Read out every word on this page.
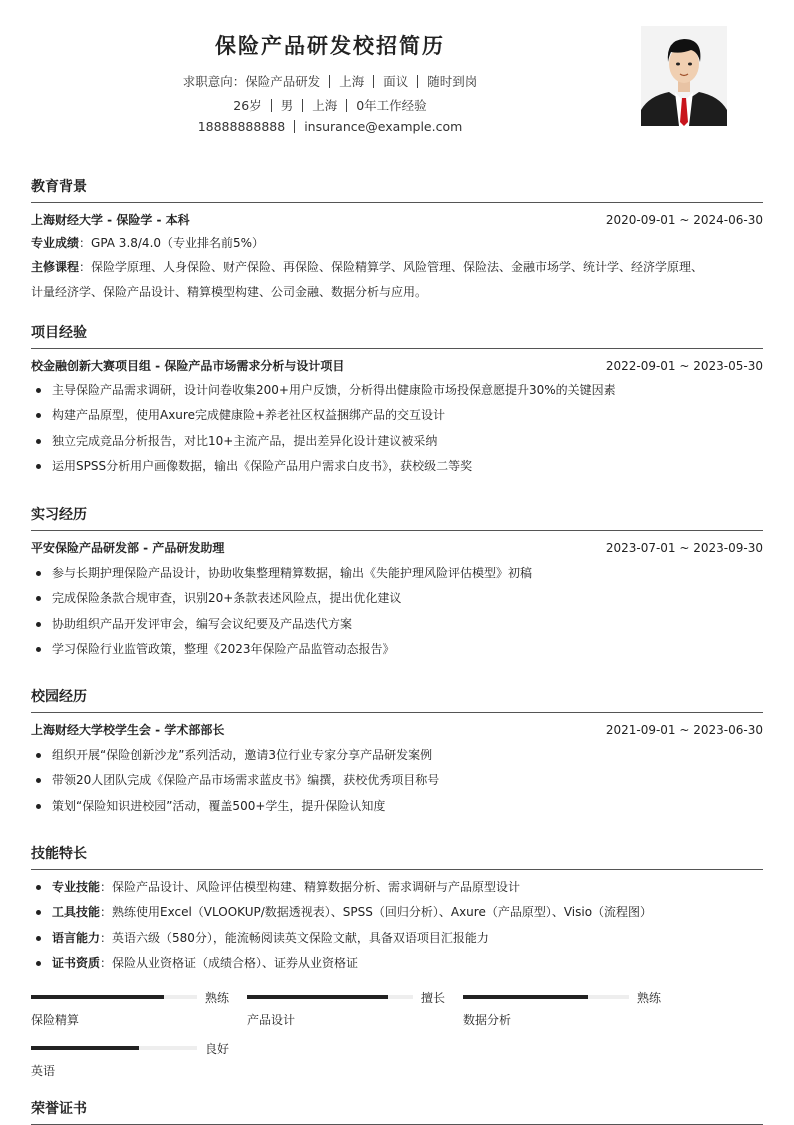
保险产品研发校招简历
求职意向：保险产品研发 上海 面议 随时到岗
26岁 男 上海 0年工作经验
18888888888 insurance@example.com
教育背景
上海财经大学 - 保险学 - 本科	2020-09-01 ~ 2024-06-30
专业成绩：GPA 3.8/4.0（专业排名前5%）
主修课程：保险学原理、人身保险、财产保险、再保险、保险精算学、风险管理、保险法、金融市场学、统计学、经济学原理、
计量经济学、保险产品设计、精算模型构建、公司金融、数据分析与应用。
项目经验
校金融创新大赛项目组 - 保险产品市场需求分析与设计项目	2022-09-01 ~ 2023-05-30
主导保险产品需求调研，设计问卷收集200+用户反馈，分析得出健康险市场投保意愿提升30%的关键因素
构建产品原型，使用Axure完成健康险+养老社区权益捆绑产品的交互设计
独立完成竞品分析报告，对比10+主流产品，提出差异化设计建议被采纳
运用SPSS分析用户画像数据，输出《保险产品用户需求白皮书》，获校级二等奖
实习经历
平安保险产品研发部 - 产品研发助理	2023-07-01 ~ 2023-09-30
参与长期护理保险产品设计，协助收集整理精算数据，输出《失能护理风险评估模型》初稿
完成保险条款合规审查，识别20+条款表述风险点，提出优化建议
协助组织产品开发评审会，编写会议纪要及产品迭代方案
学习保险行业监管政策，整理《2023年保险产品监管动态报告》
校园经历
上海财经大学校学生会 - 学术部部长	2021-09-01 ~ 2023-06-30
组织开展“保险创新沙龙”系列活动，邀请3位行业专家分享产品研发案例
带领20人团队完成《保险产品市场需求蓝皮书》编撰，获校优秀项目称号
策划“保险知识进校园”活动，覆盖500+学生，提升保险认知度
技能特长
专业技能：保险产品设计、风险评估模型构建、精算数据分析、需求调研与产品原型设计
工具技能：熟练使用Excel（VLOOKUP/数据透视表）、SPSS（回归分析）、Axure（产品原型）、Visio（流程图）
语言能力：英语六级（580分），能流畅阅读英文保险文献，具备双语项目汇报能力
证书资质：保险从业资格证（成绩合格）、证券从业资格证
熟练
保险精算
擅长
产品设计
熟练
数据分析
良好
英语
荣誉证书
